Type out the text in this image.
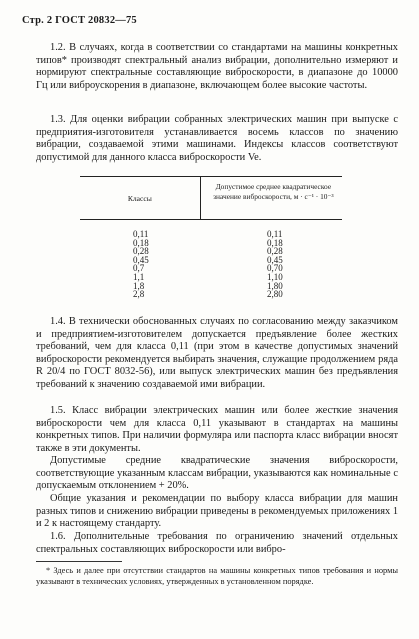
Стр. 2 ГОСТ 20832—75
1.2. В случаях, когда в соответствии со стандартами на машины конкретных типов* производят спектральный анализ вибрации, дополнительно измеряют и нормируют спектральные составляющие виброскорости, в диапазоне до 10000 Гц или виброускорения в диапазоне, включающем более высокие частоты.
1.3. Для оценки вибрации собранных электрических машин при выпуске с предприятия-изготовителя устанавливается восемь классов по значению вибрации, создаваемой этими машинами. Индексы классов соответствуют допустимой для данного класса виброскорости Ve.
Классы
Допустимое среднее квадратическое значение виброскорости, м · с⁻¹ · 10⁻³
0,11
0,18
0,28
0,45
0,7
1,1
1,8
2,8
0,11
0,18
0,28
0,45
0,70
1,10
1,80
2,80
1.4. В технически обоснованных случаях по согласованию между заказчиком и предприятием-изготовителем допускается предъявление более жестких требований, чем для класса 0,11 (при этом в качестве допустимых значений виброскорости рекомендуется выбирать значения, служащие продолжением ряда R 20/4 по ГОСТ 8032-56), или выпуск электрических машин без предъявления требований к значению создаваемой ими вибрации.
1.5. Класс вибрации электрических машин или более жесткие значения виброскорости чем для класса 0,11 указывают в стандартах на машины конкретных типов. При наличии формуляра или паспорта класс вибрации вносят также в эти документы.
Допустимые средние квадратические значения виброскорости, соответствующие указанным классам вибрации, указываются как номинальные с допускаемым отклонением + 20%.
Общие указания и рекомендации по выбору класса вибрации для машин разных типов и снижению вибрации приведены в рекомендуемых приложениях 1 и 2 к настоящему стандарту.
1.6. Дополнительные требования по ограничению значений отдельных спектральных составляющих виброскорости или вибро-
* Здесь и далее при отсутствии стандартов на машины конкретных типов требования и нормы указывают в технических условиях, утвержденных в установленном порядке.
